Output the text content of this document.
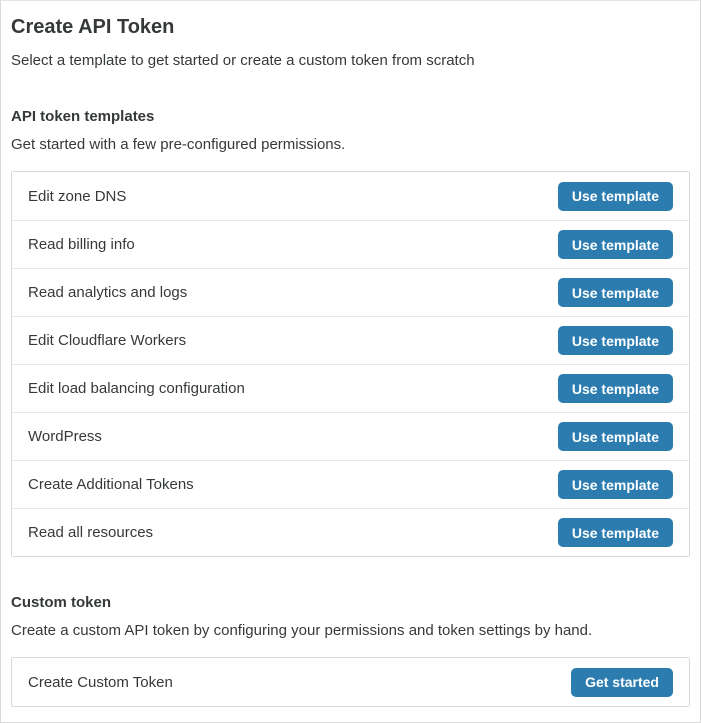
Create API Token

Select a template to get started or create a custom token from scratch

API token templates

Get started with a few pre-configured permissions.

Edit zone DNS	Use template
Read billing info	Use template
Read analytics and logs	Use template
Edit Cloudflare Workers	Use template
Edit load balancing configuration	Use template
WordPress	Use template
Create Additional Tokens	Use template
Read all resources	Use template
Custom token

Create a custom API token by configuring your permissions and token settings by hand.

Create Custom Token	Get started
